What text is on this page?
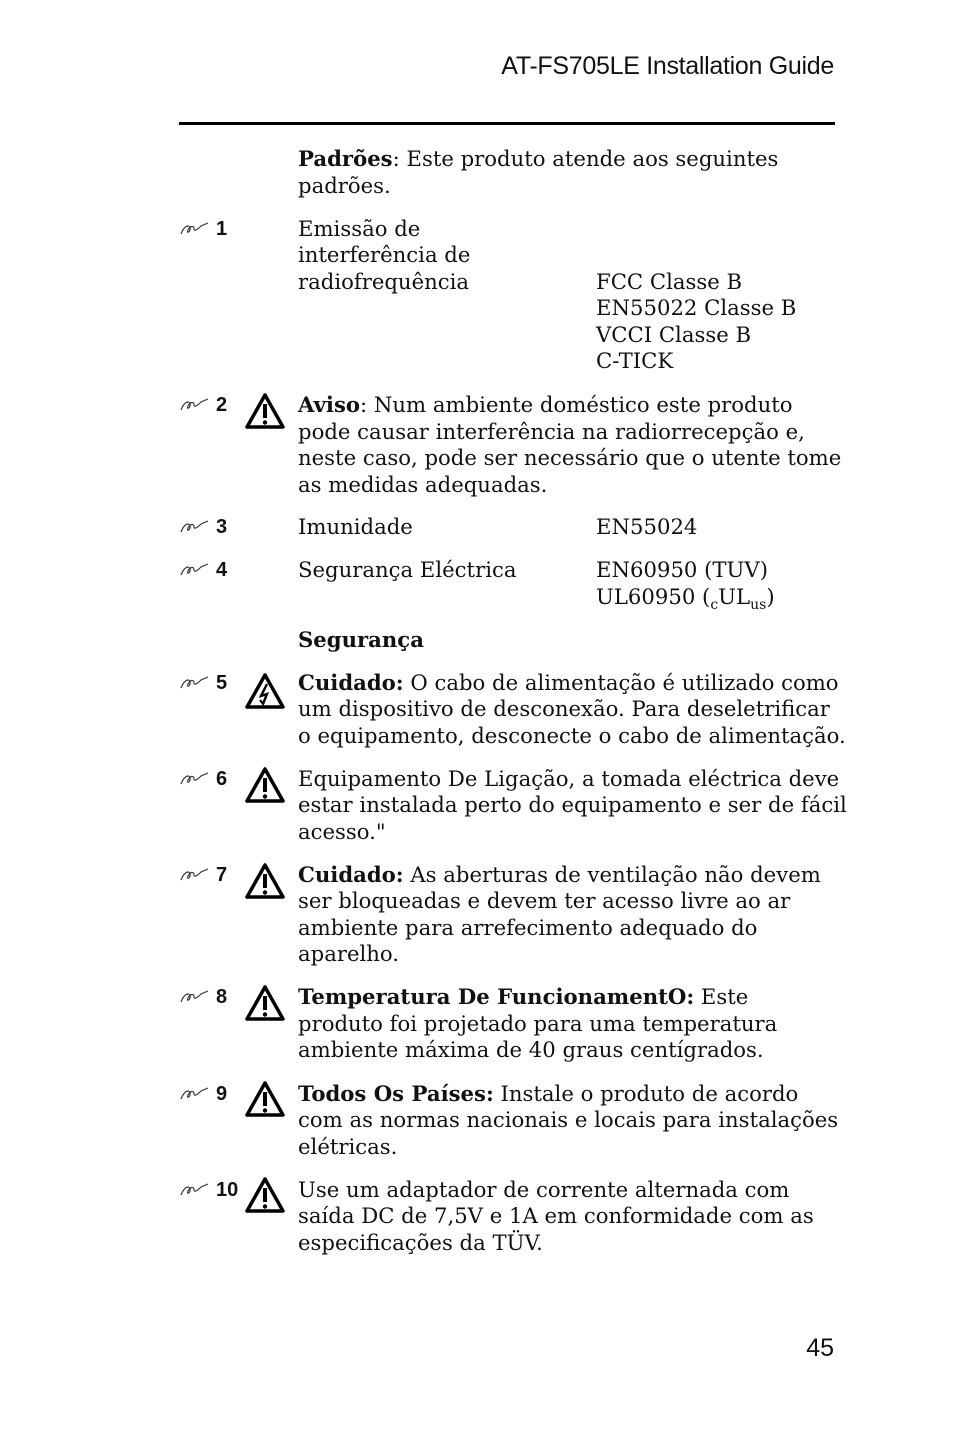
AT-FS705LE Installation Guide
Padrões: Este produto atende aos seguintes
padrões.
1	Emissão de
interferência de
radiofrequência	FCC Classe B
EN55022 Classe B
VCCI Classe B
C-TICK
2	Aviso: Num ambiente doméstico este produto
pode causar interferência na radiorrecepção e,
neste caso, pode ser necessário que o utente tome
as medidas adequadas.
3	Imunidade	EN55024
4	Segurança Eléctrica	EN60950 (TUV)
UL60950 $(_cUL_{us})$
Segurança
5	Cuidado: O cabo de alimentação é utilizado como
um dispositivo de desconexão. Para deseletrificar
o equipamento, desconecte o cabo de alimentação.
6	Equipamento De Ligação, a tomada eléctrica deve
estar instalada perto do equipamento e ser de fácil
acesso."
7	Cuidado: As aberturas de ventilação não devem
ser bloqueadas e devem ter acesso livre ao ar
ambiente para arrefecimento adequado do
aparelho.
8	Temperatura De FuncionamentO: Este
produto foi projetado para uma temperatura
ambiente máxima de 40 graus centígrados.
9	Todos Os Países: Instale o produto de acordo
com as normas nacionais e locais para instalações
elétricas.
10	Use um adaptador de corrente alternada com
saída DC de 7,5V e 1A em conformidade com as
especificações da TÜV.
45
